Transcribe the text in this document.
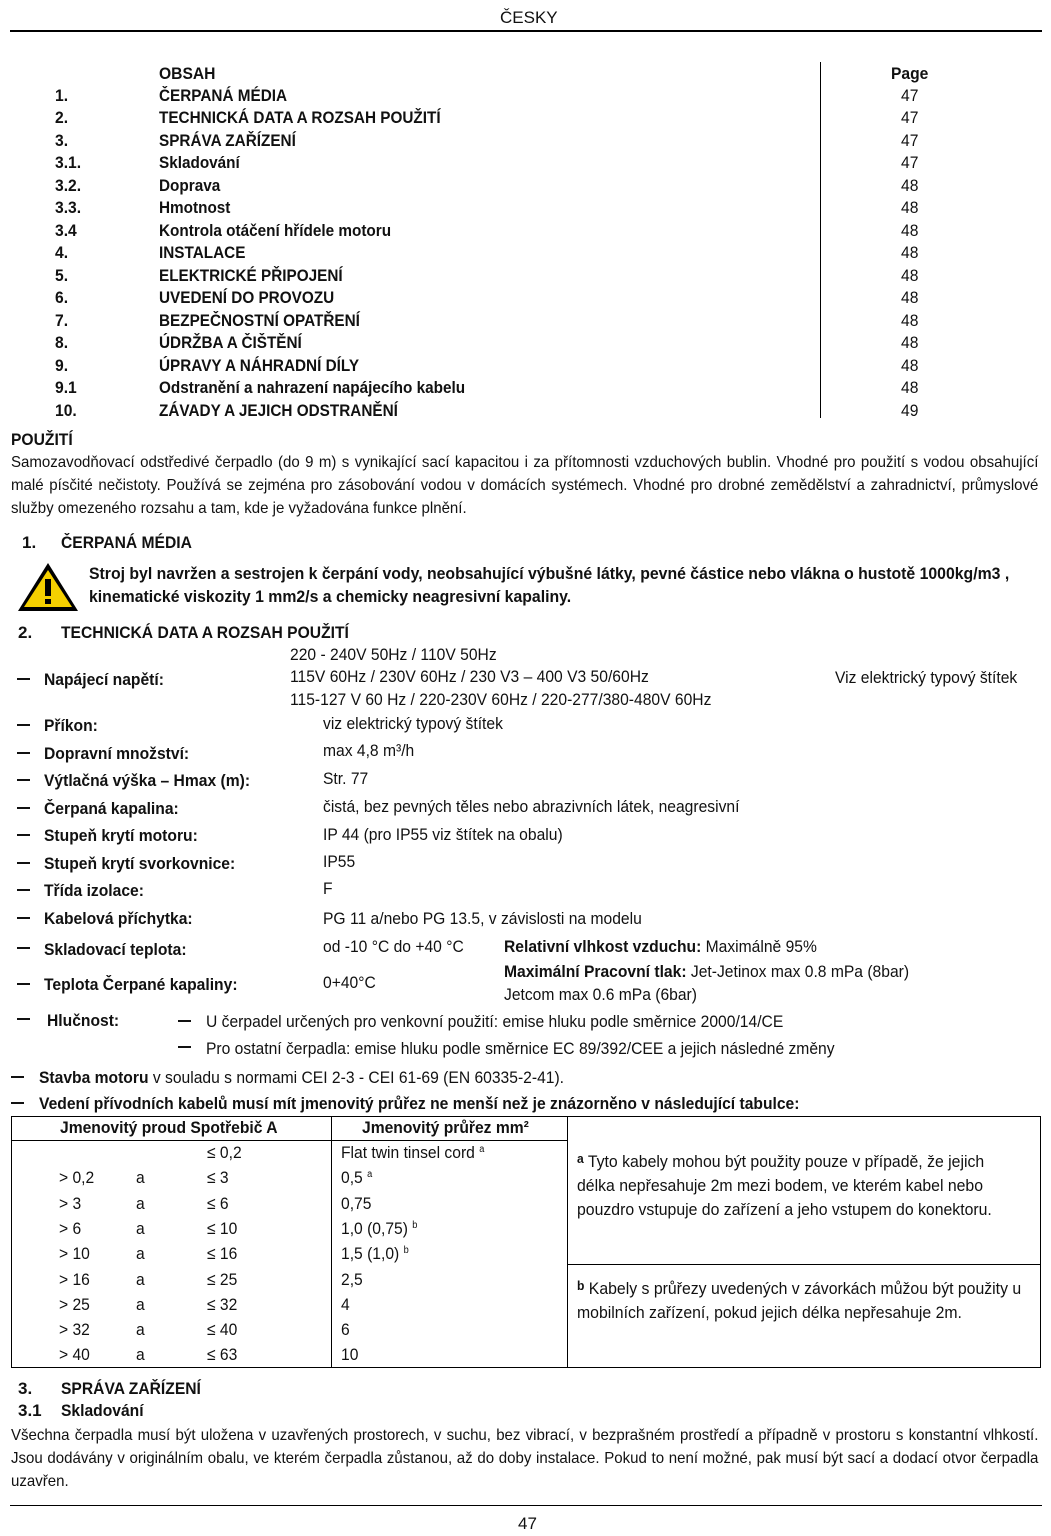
ČESKY
OBSAH	Page
1.	ČERPANÁ MÉDIA	47
2.	TECHNICKÁ DATA A ROZSAH POUŽITÍ	47
3.	SPRÁVA ZAŘÍZENÍ	47
3.1.	Skladování	47
3.2.	Doprava	48
3.3.	Hmotnost	48
3.4	Kontrola otáčení hřídele motoru	48
4.	INSTALACE	48
5.	ELEKTRICKÉ PŘIPOJENÍ	48
6.	UVEDENÍ DO PROVOZU	48
7.	BEZPEČNOSTNÍ OPATŘENÍ	48
8.	ÚDRŽBA A ČIŠTĚNÍ	48
9.	ÚPRAVY A NÁHRADNÍ DÍLY	48
9.1	Odstranění a nahrazení napájecího kabelu	48
10.	ZÁVADY A JEJICH ODSTRANĚNÍ	49
POUŽITÍ
Samozavodňovací odstředivé čerpadlo (do 9 m) s vynikající sací kapacitou i za přítomnosti vzduchových bublin. Vhodné pro použití s vodou obsahující malé písčité nečistoty. Používá se zejména pro zásobování vodou v domácích systémech. Vhodné pro drobné zemědělství a zahradnictví, průmyslové služby omezeného rozsahu a tam, kde je vyžadována funkce plnění.
1. ČERPANÁ MÉDIA
Stroj byl navržen a sestrojen k čerpání vody, neobsahující výbušné látky, pevné částice nebo vlákna o hustotě 1000kg/m3 ,
kinematické viskozity 1 mm2/s a chemicky neagresivní kapaliny.
2. TECHNICKÁ DATA A ROZSAH POUŽITÍ
220 - 240V 50Hz / 110V 50Hz
Napájecí napětí:	115V 60Hz / 230V 60Hz / 230 V3 – 400 V3 50/60Hz	Viz elektrický typový štítek
115-127 V 60 Hz / 220-230V 60Hz / 220-277/380-480V 60Hz
Příkon:	viz elektrický typový štítek
Dopravní množství:	max 4,8 m³/h
Výtlačná výška – Hmax (m):	Str. 77
Čerpaná kapalina:	čistá, bez pevných těles nebo abrazivních látek, neagresivní
Stupeň krytí motoru:	IP 44 (pro IP55 viz štítek na obalu)
Stupeň krytí svorkovnice:	IP55
Třída izolace:	F
Kabelová příchytka:	PG 11 a/nebo PG 13.5, v závislosti na modelu
Skladovací teplota:	od -10 °C do +40 °C Relativní vlhkost vzduchu: Maximálně 95%
Teplota Čerpané kapaliny:	0+40°C
Maximální Pracovní tlak: Jet-Jetinox max 0.8 mPa (8bar)
Jetcom max 0.6 mPa (6bar)
Hlučnost:	U čerpadel určených pro venkovní použití: emise hluku podle směrnice 2000/14/CE
Pro ostatní čerpadla: emise hluku podle směrnice EC 89/392/CEE a jejich následné změny
Stavba motoru v souladu s normami CEI 2-3 - CEI 61-69 (EN 60335-2-41).
Vedení přívodních kabelů musí mít jmenovitý průřez ne menší než je znázorněno v následující tabulce:
Jmenovitý proud Spotřebič A	Jmenovitý průřez mm²
≤ 0,2	Flat twin tinsel cord $^a$
> 0,2 a	≤ 3	0,5 $^a$
> 3	a	≤ 6	0,75
> 6	a	≤ 10	1,0 (0,75) $^b$
> 10	a	≤ 16	1,5 (1,0) $^b$
> 16	a	≤ 25	2,5
> 25	a	≤ 32	4
> 32	a	≤ 40	6
> 40	a	≤ 63	10
$^a$ Tyto kabely mohou být použity pouze v případě, že jejich délka nepřesahuje 2m mezi bodem, ve kterém kabel nebo pouzdro vstupuje do zařízení a jeho vstupem do konektoru.
$^b$ Kabely s průřezy uvedených v závorkách můžou být použity u mobilních zařízení, pokud jejich délka nepřesahuje 2m.
3. SPRÁVA ZAŘÍZENÍ
3.1 Skladování
Všechna čerpadla musí být uložena v uzavřených prostorech, v suchu, bez vibrací, v bezprašném prostředí a případně v prostoru s konstantní vlhkostí. Jsou dodávány v originálním obalu, ve kterém čerpadla zůstanou, až do doby instalace. Pokud to není možné, pak musí být sací a dodací otvor čerpadla uzavřen.
47
